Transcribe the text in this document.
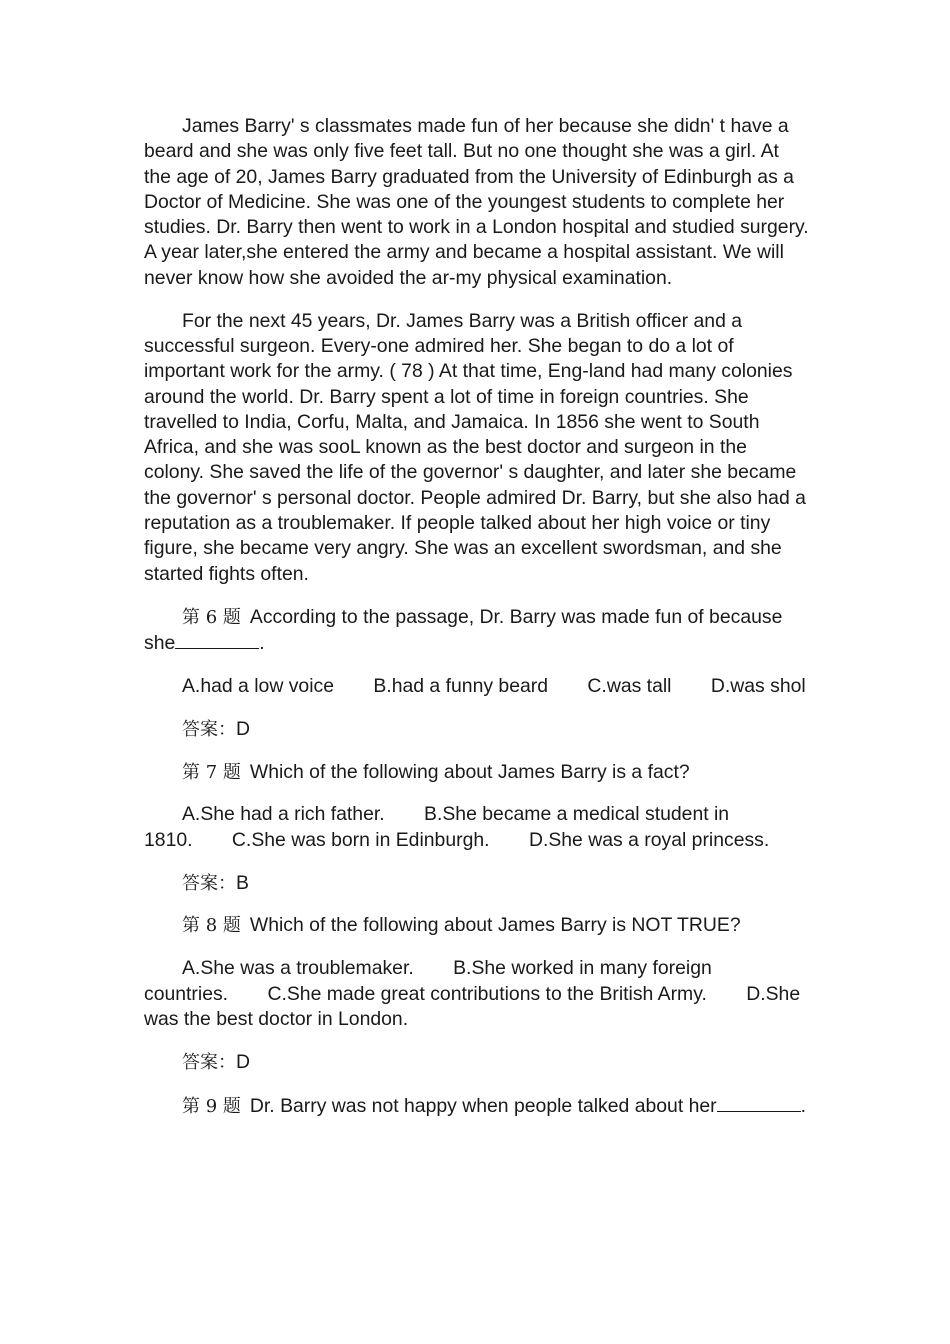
James Barry' s classmates made fun of her because she didn' t have a beard and she was only five feet tall. But no one thought she was a girl. At the age of 20, James Barry graduated from the University of Edinburgh as a Doctor of Medicine. She was one of the youngest students to complete her studies. Dr. Barry then went to work in a London hospital and studied surgery. A year later,she entered the army and became a hospital assistant. We will never know how she avoided the ar-my physical examination.

For the next 45 years, Dr. James Barry was a British officer and a successful surgeon. Every-one admired her. She began to do a lot of important work for the army. ( 78 ) At that time, Eng-land had many colonies around the world. Dr. Barry spent a lot of time in foreign countries. She travelled to India, Corfu, Malta, and Jamaica. In 1856 she went to South Africa, and she was sooL known as the best doctor and surgeon in the colony. She saved the life of the governor' s daughter, and later she became the governor' s personal doctor. People admired Dr. Barry, but she also had a reputation as a troublemaker. If people talked about her high voice or tiny figure, she became very angry. She was an excellent swordsman, and she started fights often.

第 6 题 According to the passage, Dr. Barry was made fun of because she	.

A.had a low voice B.had a funny beard C.was tall D.was shol

答案：D

第 7 题 Which of the following about James Barry is a fact?

A.She had a rich father. B.She became a medical student in 1810. C.She was born in Edinburgh. D.She was a royal princess.

答案：B

第 8 题 Which of the following about James Barry is NOT TRUE?

A.She was a troublemaker. B.She worked in many foreign countries. C.She made great contributions to the British Army. D.She was the best doctor in London.

答案：D

第 9 题 Dr. Barry was not happy when people talked about her	.
